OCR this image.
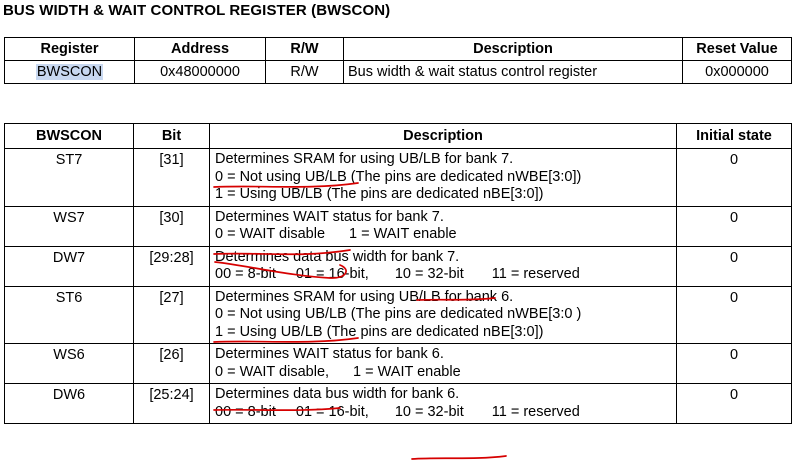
BUS WIDTH & WAIT CONTROL REGISTER (BWSCON)
Register	Address	R/W	Description	Reset Value
BWSCON	0x48000000	R/W	Bus width & wait status control register	0x000000
BWSCON	Bit	Description	Initial state
ST7	[31]	Determines SRAM for using UB/LB for bank 7.
0 = Not using UB/LB (The pins are dedicated nWBE[3:0])
1 = Using UB/LB (The pins are dedicated nBE[3:0])	0
WS7	[30]	Determines WAIT status for bank 7.
0 = WAIT disable 1 = WAIT enable	0
DW7	[29:28]	Determines data bus width for bank 7.
00 = 8-bit 01 = 16-bit, 10 = 32-bit 11 = reserved	0
ST6	[27]	Determines SRAM for using UB/LB for bank 6.
0 = Not using UB/LB (The pins are dedicated nWBE[3:0 )
1 = Using UB/LB (The pins are dedicated nBE[3:0])	0
WS6	[26]	Determines WAIT status for bank 6.
0 = WAIT disable, 1 = WAIT enable	0
DW6	[25:24]	Determines data bus width for bank 6.
00 = 8-bit 01 = 16-bit, 10 = 32-bit 11 = reserved	0
